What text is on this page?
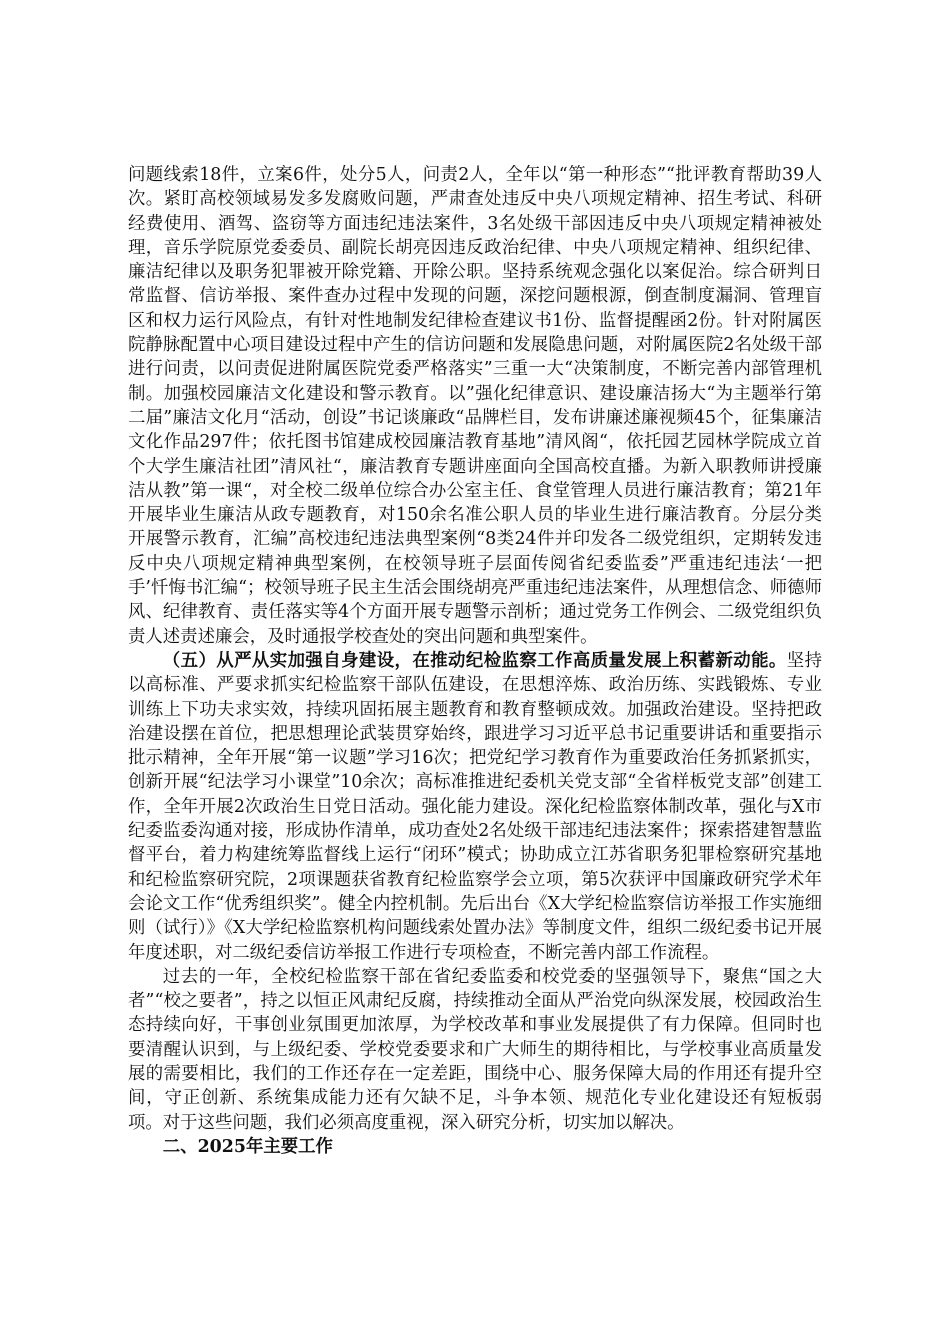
问题线索18件，立案6件，处分5人，问责2人，全年以“第一种形态”“批评教育帮助39人次。紧盯高校领域易发多发腐败问题，严肃查处违反中央八项规定精神、招生考试、科研经费使用、酒驾、盗窃等方面违纪违法案件，3名处级干部因违反中央八项规定精神被处理，音乐学院原党委委员、副院长胡亮因违反政治纪律、中央八项规定精神、组织纪律、廉洁纪律以及职务犯罪被开除党籍、开除公职。坚持系统观念强化以案促治。综合研判日常监督、信访举报、案件查办过程中发现的问题，深挖问题根源，倒查制度漏洞、管理盲区和权力运行风险点，有针对性地制发纪律检查建议书1份、监督提醒函2份。针对附属医院静脉配置中心项目建设过程中产生的信访问题和发展隐患问题，对附属医院2名处级干部进行问责，以问责促进附属医院党委严格落实”三重一大“决策制度，不断完善内部管理机制。加强校园廉洁文化建设和警示教育。以”强化纪律意识、建设廉洁扬大“为主题举行第二届”廉洁文化月“活动，创设”书记谈廉政“品牌栏目，发布讲廉述廉视频45个，征集廉洁文化作品297件；依托图书馆建成校园廉洁教育基地”清风阁“，依托园艺园林学院成立首个大学生廉洁社团”清风社“，廉洁教育专题讲座面向全国高校直播。为新入职教师讲授廉洁从教”第一课“，对全校二级单位综合办公室主任、食堂管理人员进行廉洁教育；第21年开展毕业生廉洁从政专题教育，对150余名准公职人员的毕业生进行廉洁教育。分层分类开展警示教育，汇编”高校违纪违法典型案例“8类24件并印发各二级党组织，定期转发违反中央八项规定精神典型案例，在校领导班子层面传阅省纪委监委”严重违纪违法‘一把手’忏悔书汇编“；校领导班子民主生活会围绕胡亮严重违纪违法案件，从理想信念、师德师风、纪律教育、责任落实等4个方面开展专题警示剖析；通过党务工作例会、二级党组织负责人述责述廉会，及时通报学校查处的突出问题和典型案件。

（五）从严从实加强自身建设，在推动纪检监察工作高质量发展上积蓄新动能。坚持以高标准、严要求抓实纪检监察干部队伍建设，在思想淬炼、政治历练、实践锻炼、专业训练上下功夫求实效，持续巩固拓展主题教育和教育整顿成效。加强政治建设。坚持把政治建设摆在首位，把思想理论武装贯穿始终，跟进学习习近平总书记重要讲话和重要指示批示精神，全年开展“第一议题”学习16次；把党纪学习教育作为重要政治任务抓紧抓实，创新开展“纪法学习小课堂”10余次；高标准推进纪委机关党支部“全省样板党支部”创建工作，全年开展2次政治生日党日活动。强化能力建设。深化纪检监察体制改革，强化与X市纪委监委沟通对接，形成协作清单，成功查处2名处级干部违纪违法案件；探索搭建智慧监督平台，着力构建统筹监督线上运行“闭环”模式；协助成立江苏省职务犯罪检察研究基地和纪检监察研究院，2项课题获省教育纪检监察学会立项，第5次获评中国廉政研究学术年会论文工作“优秀组织奖”。健全内控机制。先后出台《X大学纪检监察信访举报工作实施细则（试行）》《X大学纪检监察机构问题线索处置办法》等制度文件，组织二级纪委书记开展年度述职，对二级纪委信访举报工作进行专项检查，不断完善内部工作流程。

过去的一年，全校纪检监察干部在省纪委监委和校党委的坚强领导下，聚焦“国之大者”“校之要者”，持之以恒正风肃纪反腐，持续推动全面从严治党向纵深发展，校园政治生态持续向好，干事创业氛围更加浓厚，为学校改革和事业发展提供了有力保障。但同时也要清醒认识到，与上级纪委、学校党委要求和广大师生的期待相比，与学校事业高质量发展的需要相比，我们的工作还存在一定差距，围绕中心、服务保障大局的作用还有提升空间，守正创新、系统集成能力还有欠缺不足，斗争本领、规范化专业化建设还有短板弱项。对于这些问题，我们必须高度重视，深入研究分析，切实加以解决。

二、2025年主要工作
